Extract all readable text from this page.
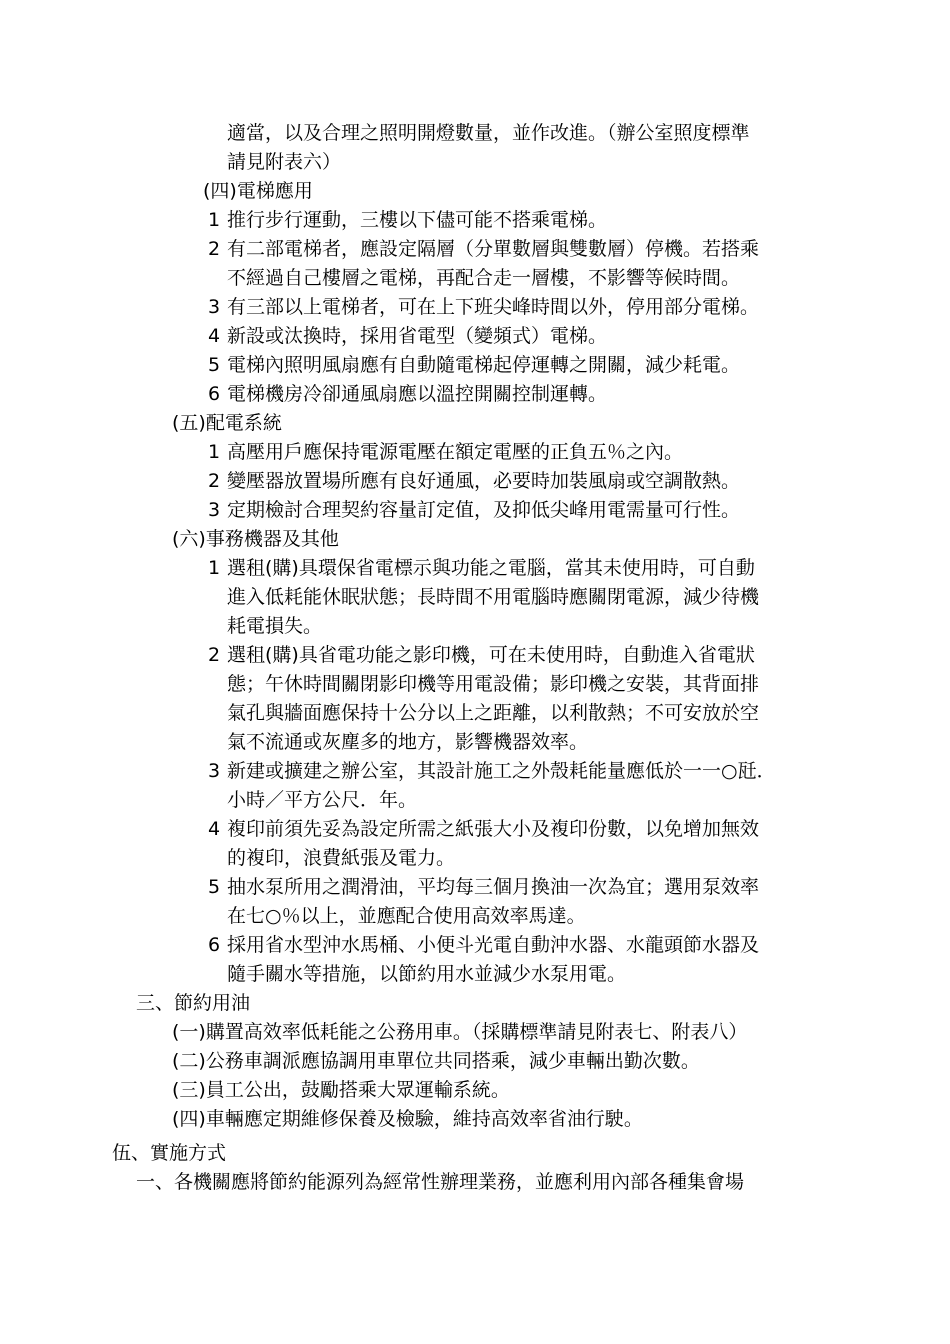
適當，以及合理之照明開燈數量，並作改進。（辦公室照度標準
請見附表六）
(四)電梯應用
1 推行步行運動，三樓以下儘可能不搭乘電梯。
2 有二部電梯者，應設定隔層（分單數層與雙數層）停機。若搭乘
不經過自己樓層之電梯，再配合走一層樓，不影響等候時間。
3 有三部以上電梯者，可在上下班尖峰時間以外，停用部分電梯。
4 新設或汰換時，採用省電型（變頻式）電梯。
5 電梯內照明風扇應有自動隨電梯起停運轉之開關，減少耗電。
6 電梯機房冷卻通風扇應以溫控開關控制運轉。
(五)配電系統
1 高壓用戶應保持電源電壓在額定電壓的正負五％之內。
2 變壓器放置場所應有良好通風，必要時加裝風扇或空調散熱。
3 定期檢討合理契約容量訂定值，及抑低尖峰用電需量可行性。
(六)事務機器及其他
1 選租(購)具環保省電標示與功能之電腦，當其未使用時，可自動
進入低耗能休眠狀態；長時間不用電腦時應關閉電源，減少待機
耗電損失。
2 選租(購)具省電功能之影印機，可在未使用時，自動進入省電狀
態；午休時間關閉影印機等用電設備；影印機之安裝，其背面排
氣孔與牆面應保持十公分以上之距離，以利散熱；不可安放於空
氣不流通或灰塵多的地方，影響機器效率。
3 新建或擴建之辦公室，其設計施工之外殼耗能量應低於一一○瓩．
小時／平方公尺．年。
4 複印前須先妥為設定所需之紙張大小及複印份數，以免增加無效
的複印，浪費紙張及電力。
5 抽水泵所用之潤滑油，平均每三個月換油一次為宜；選用泵效率
在七○％以上，並應配合使用高效率馬達。
6 採用省水型沖水馬桶、小便斗光電自動沖水器、水龍頭節水器及
隨手關水等措施，以節約用水並減少水泵用電。
三、節約用油
(一)購置高效率低耗能之公務用車。（採購標準請見附表七、附表八）
(二)公務車調派應協調用車單位共同搭乘，減少車輛出勤次數。
(三)員工公出，鼓勵搭乘大眾運輸系統。
(四)車輛應定期維修保養及檢驗，維持高效率省油行駛。
伍、實施方式
一、各機關應將節約能源列為經常性辦理業務，並應利用內部各種集會場
